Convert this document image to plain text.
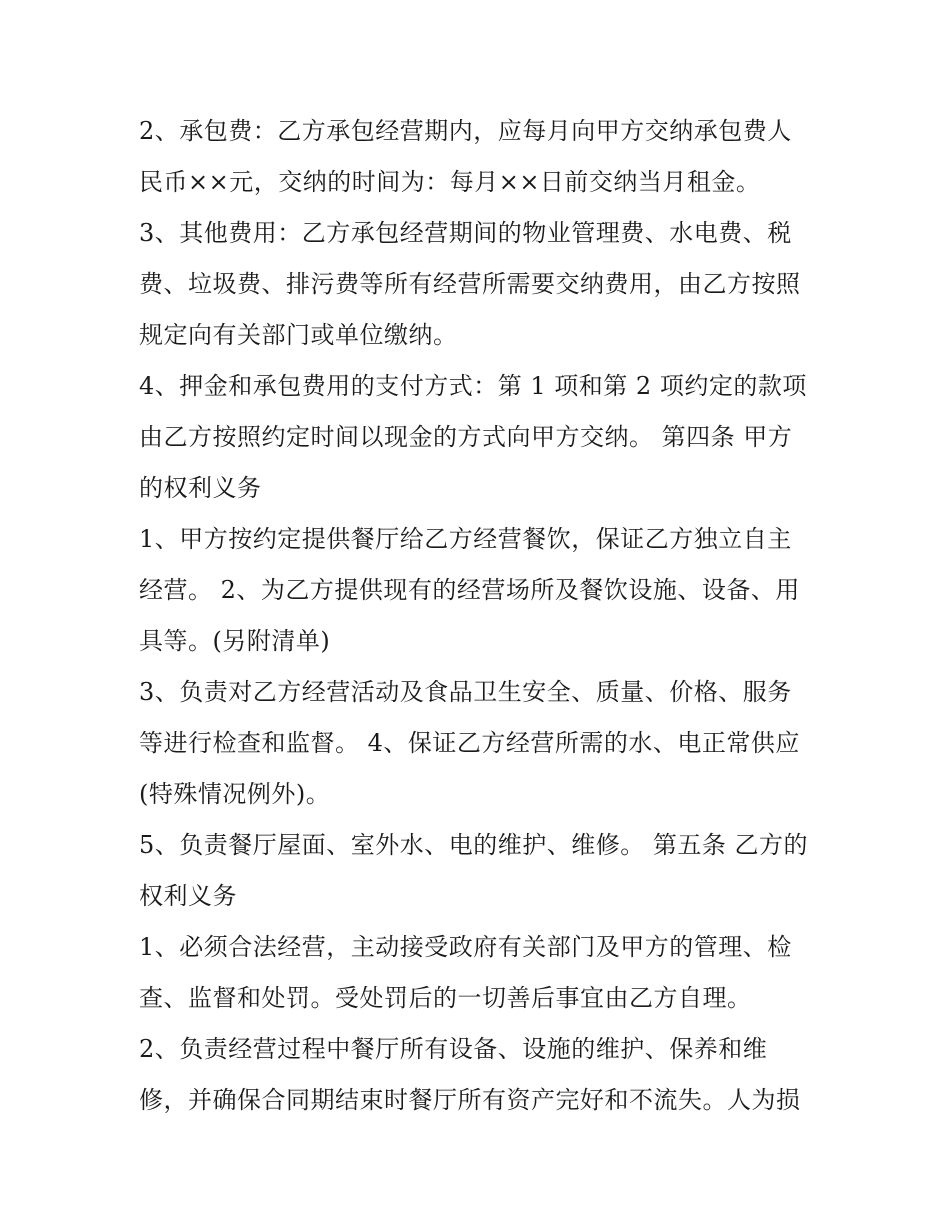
2、承包费：乙方承包经营期内，应每月向甲方交纳承包费人
民币××元，交纳的时间为：每月××日前交纳当月租金。
3、其他费用：乙方承包经营期间的物业管理费、水电费、税
费、垃圾费、排污费等所有经营所需要交纳费用，由乙方按照
规定向有关部门或单位缴纳。
4、押金和承包费用的支付方式：第 1 项和第 2 项约定的款项
由乙方按照约定时间以现金的方式向甲方交纳。 第四条 甲方
的权利义务
1、甲方按约定提供餐厅给乙方经营餐饮，保证乙方独立自主
经营。 2、为乙方提供现有的经营场所及餐饮设施、设备、用
具等。(另附清单)
3、负责对乙方经营活动及食品卫生安全、质量、价格、服务
等进行检查和监督。 4、保证乙方经营所需的水、电正常供应
(特殊情况例外)。
5、负责餐厅屋面、室外水、电的维护、维修。 第五条 乙方的
权利义务
1、必须合法经营，主动接受政府有关部门及甲方的管理、检
查、监督和处罚。受处罚后的一切善后事宜由乙方自理。
2、负责经营过程中餐厅所有设备、设施的维护、保养和维
修，并确保合同期结束时餐厅所有资产完好和不流失。人为损
